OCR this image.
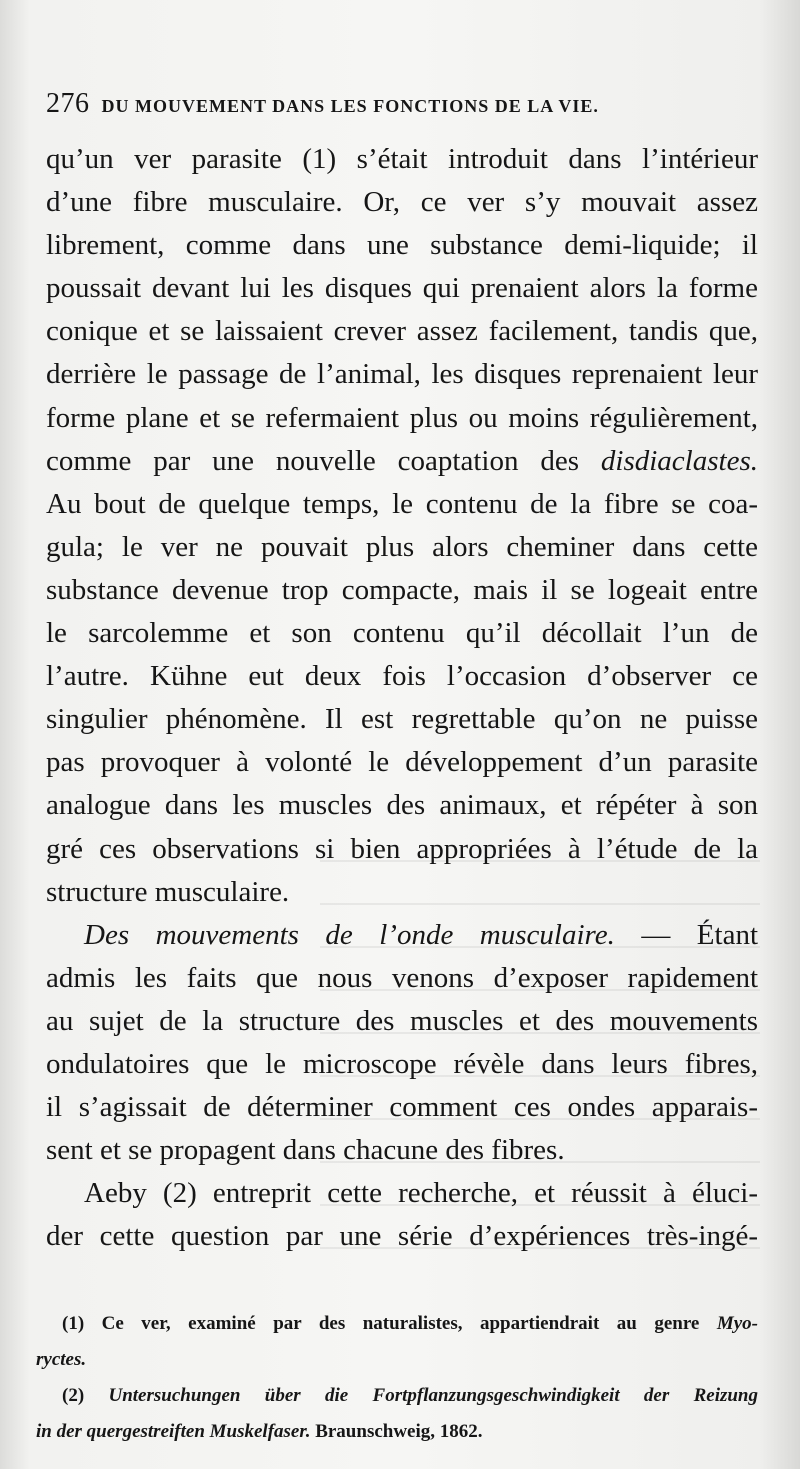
276 DU MOUVEMENT DANS LES FONCTIONS DE LA VIE.
qu’un ver parasite (1) s’était introduit dans l’intérieur
d’une fibre musculaire. Or, ce ver s’y mouvait assez
librement, comme dans une substance demi-liquide; il
poussait devant lui les disques qui prenaient alors la forme
conique et se laissaient crever assez facilement, tandis que,
derrière le passage de l’animal, les disques reprenaient leur
forme plane et se refermaient plus ou moins régulièrement,
comme par une nouvelle coaptation des disdiaclastes.
Au bout de quelque temps, le contenu de la fibre se coa-
gula; le ver ne pouvait plus alors cheminer dans cette
substance devenue trop compacte, mais il se logeait entre
le sarcolemme et son contenu qu’il décollait l’un de
l’autre. Kühne eut deux fois l’occasion d’observer ce
singulier phénomène. Il est regrettable qu’on ne puisse
pas provoquer à volonté le développement d’un parasite
analogue dans les muscles des animaux, et répéter à son
gré ces observations si bien appropriées à l’étude de la
structure musculaire.
Des mouvements de l’onde musculaire. — Étant
admis les faits que nous venons d’exposer rapidement
au sujet de la structure des muscles et des mouvements
ondulatoires que le microscope révèle dans leurs fibres,
il s’agissait de déterminer comment ces ondes apparais-
sent et se propagent dans chacune des fibres.
Aeby (2) entreprit cette recherche, et réussit à éluci-
der cette question par une série d’expériences très-ingé-
(1) Ce ver, examiné par des naturalistes, appartiendrait au genre Myo-
ryctes.
(2) Untersuchungen über die Fortpflanzungsgeschwindigkeit der Reizung
in der quergestreiften Muskelfaser. Braunschweig, 1862.
